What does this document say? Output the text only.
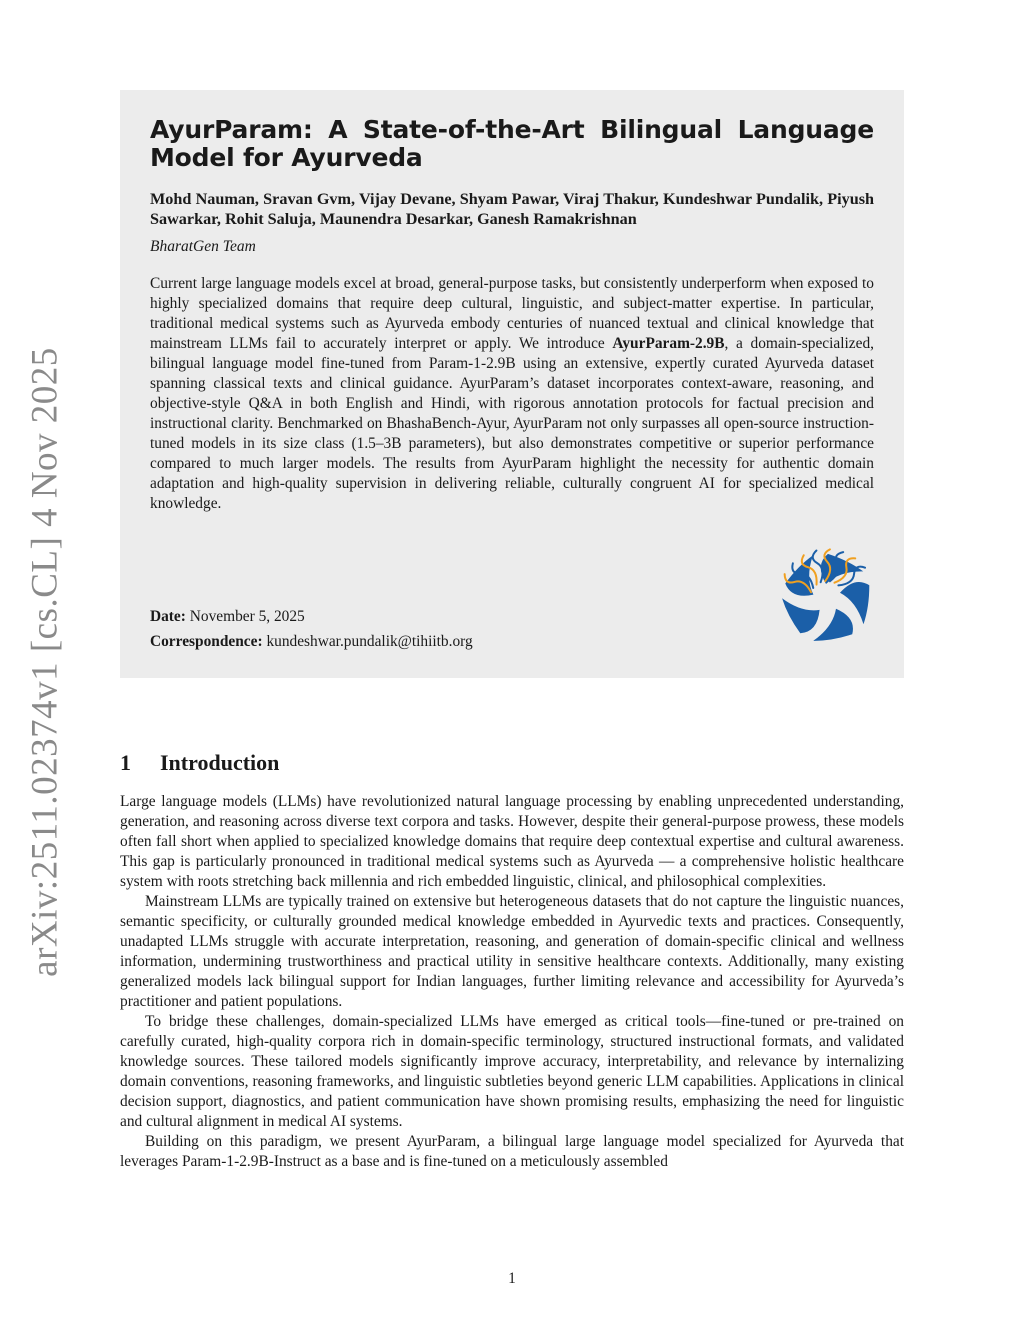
arXiv:2511.02374v1 [cs.CL] 4 Nov 2025
AyurParam: A State-of-the-Art Bilingual Language Model for Ayurveda
Mohd Nauman, Sravan Gvm, Vijay Devane, Shyam Pawar, Viraj Thakur, Kundeshwar Pundalik, Piyush Sawarkar, Rohit Saluja, Maunendra Desarkar, Ganesh Ramakrishnan
BharatGen Team
Current large language models excel at broad, general-purpose tasks, but consistently underperform when exposed to highly specialized domains that require deep cultural, linguistic, and subject-matter expertise. In particular, traditional medical systems such as Ayurveda embody centuries of nuanced textual and clinical knowledge that mainstream LLMs fail to accurately interpret or apply. We introduce AyurParam-2.9B, a domain-specialized, bilingual language model fine-tuned from Param-1-2.9B using an extensive, expertly curated Ayurveda dataset spanning classical texts and clinical guidance. AyurParam’s dataset incorporates context-aware, reasoning, and objective-style Q&A in both English and Hindi, with rigorous annotation protocols for factual precision and instructional clarity. Benchmarked on BhashaBench-Ayur, AyurParam not only surpasses all open-source instruction-tuned models in its size class (1.5–3B parameters), but also demonstrates competitive or superior performance compared to much larger models. The results from AyurParam highlight the necessity for authentic domain adaptation and high-quality supervision in delivering reliable, culturally congruent AI for specialized medical knowledge.
Date: November 5, 2025
Correspondence: kundeshwar.pundalik@tihiitb.org
1 Introduction

Large language models (LLMs) have revolutionized natural language processing by enabling unprecedented understanding, generation, and reasoning across diverse text corpora and tasks. However, despite their general-purpose prowess, these models often fall short when applied to specialized knowledge domains that require deep contextual expertise and cultural awareness. This gap is particularly pronounced in traditional medical systems such as Ayurveda — a comprehensive holistic healthcare system with roots stretching back millennia and rich embedded linguistic, clinical, and philosophical complexities.

Mainstream LLMs are typically trained on extensive but heterogeneous datasets that do not capture the linguistic nuances, semantic specificity, or culturally grounded medical knowledge embedded in Ayurvedic texts and practices. Consequently, unadapted LLMs struggle with accurate interpretation, reasoning, and generation of domain-specific clinical and wellness information, undermining trustworthiness and practical utility in sensitive healthcare contexts. Additionally, many existing generalized models lack bilingual support for Indian languages, further limiting relevance and accessibility for Ayurveda’s practitioner and patient populations.

To bridge these challenges, domain-specialized LLMs have emerged as critical tools—fine-tuned or pre-trained on carefully curated, high-quality corpora rich in domain-specific terminology, structured instructional formats, and validated knowledge sources. These tailored models significantly improve accuracy, interpretability, and relevance by internalizing domain conventions, reasoning frameworks, and linguistic subtleties beyond generic LLM capabilities. Applications in clinical decision support, diagnostics, and patient communication have shown promising results, emphasizing the need for linguistic and cultural alignment in medical AI systems.

Building on this paradigm, we present AyurParam, a bilingual large language model specialized for Ayurveda that leverages Param-1-2.9B-Instruct as a base and is fine-tuned on a meticulously assembled

1
